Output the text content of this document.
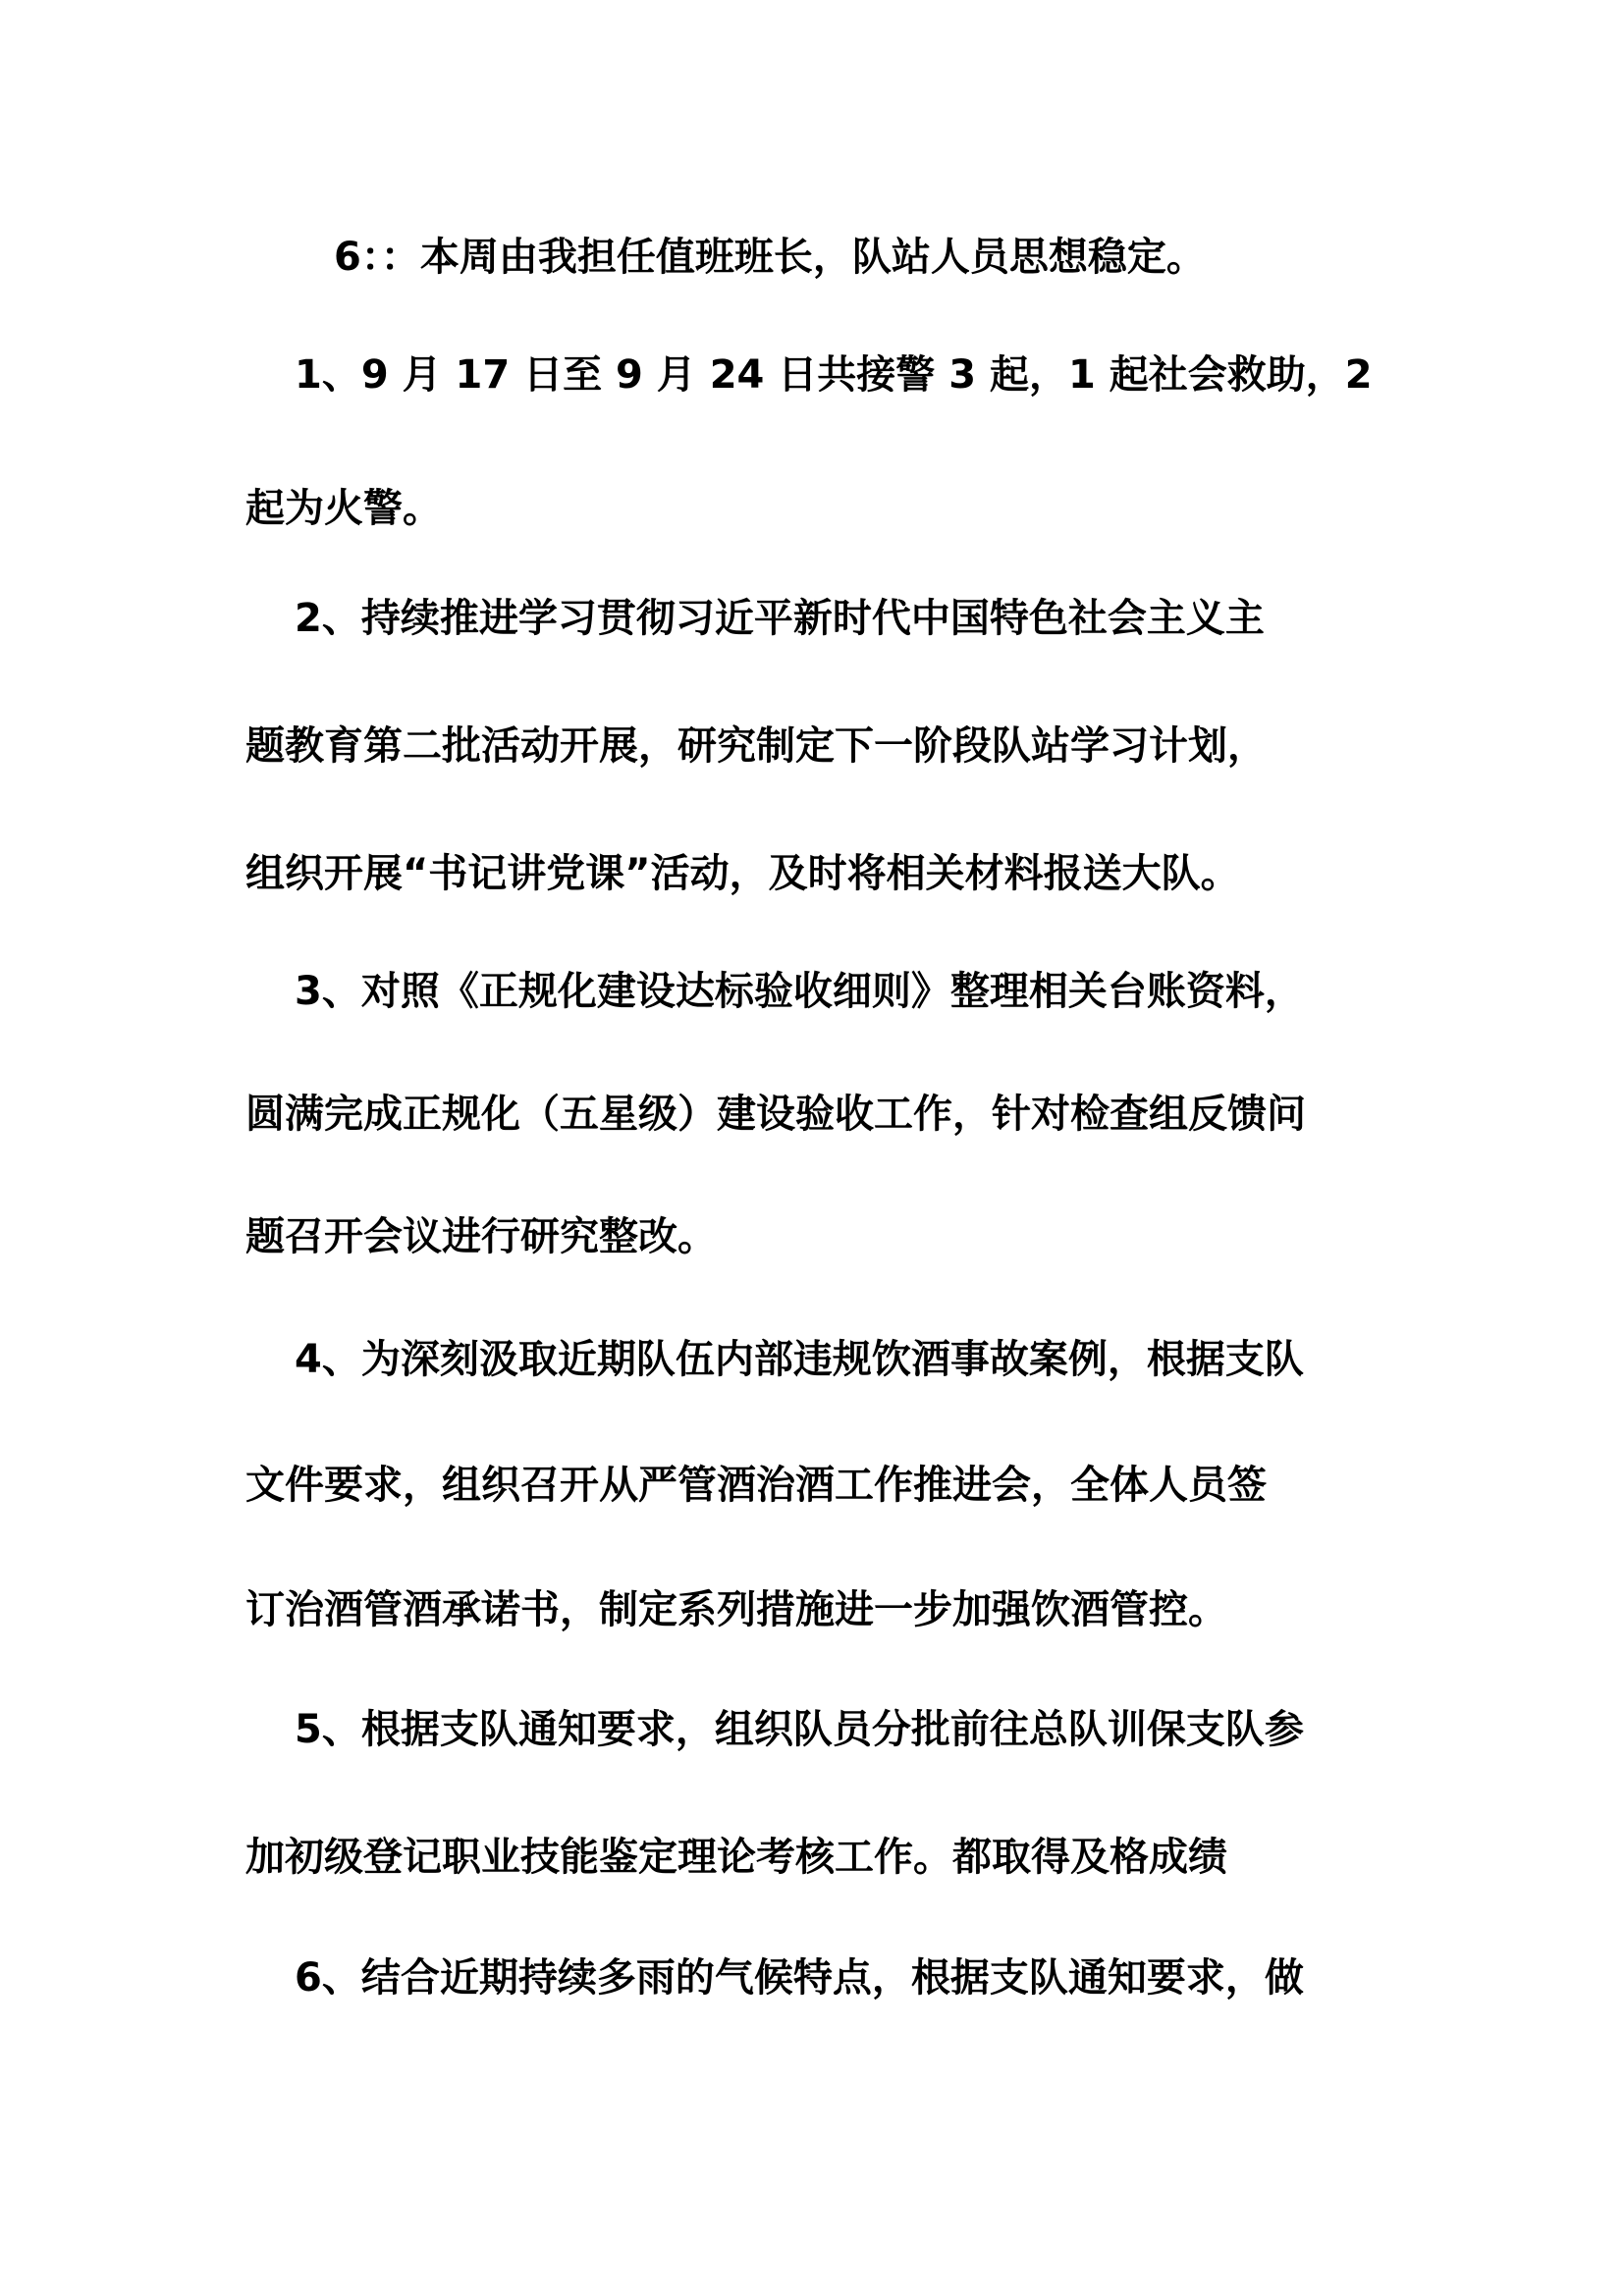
6：：本周由我担任值班班长，队站人员思想稳定。
1、9 月 17 日至 9 月 24 日共接警 3 起，1 起社会救助，2
起为火警。
2、持续推进学习贯彻习近平新时代中国特色社会主义主
题教育第二批活动开展，研究制定下一阶段队站学习计划，
组织开展“书记讲党课”活动，及时将相关材料报送大队。
3、对照《正规化建设达标验收细则》整理相关台账资料，
圆满完成正规化（五星级）建设验收工作，针对检查组反馈问
题召开会议进行研究整改。
4、为深刻汲取近期队伍内部违规饮酒事故案例，根据支队
文件要求，组织召开从严管酒治酒工作推进会，全体人员签
订治酒管酒承诺书，制定系列措施进一步加强饮酒管控。
5、根据支队通知要求，组织队员分批前往总队训保支队参
加初级登记职业技能鉴定理论考核工作。都取得及格成绩
6、结合近期持续多雨的气候特点，根据支队通知要求，做
